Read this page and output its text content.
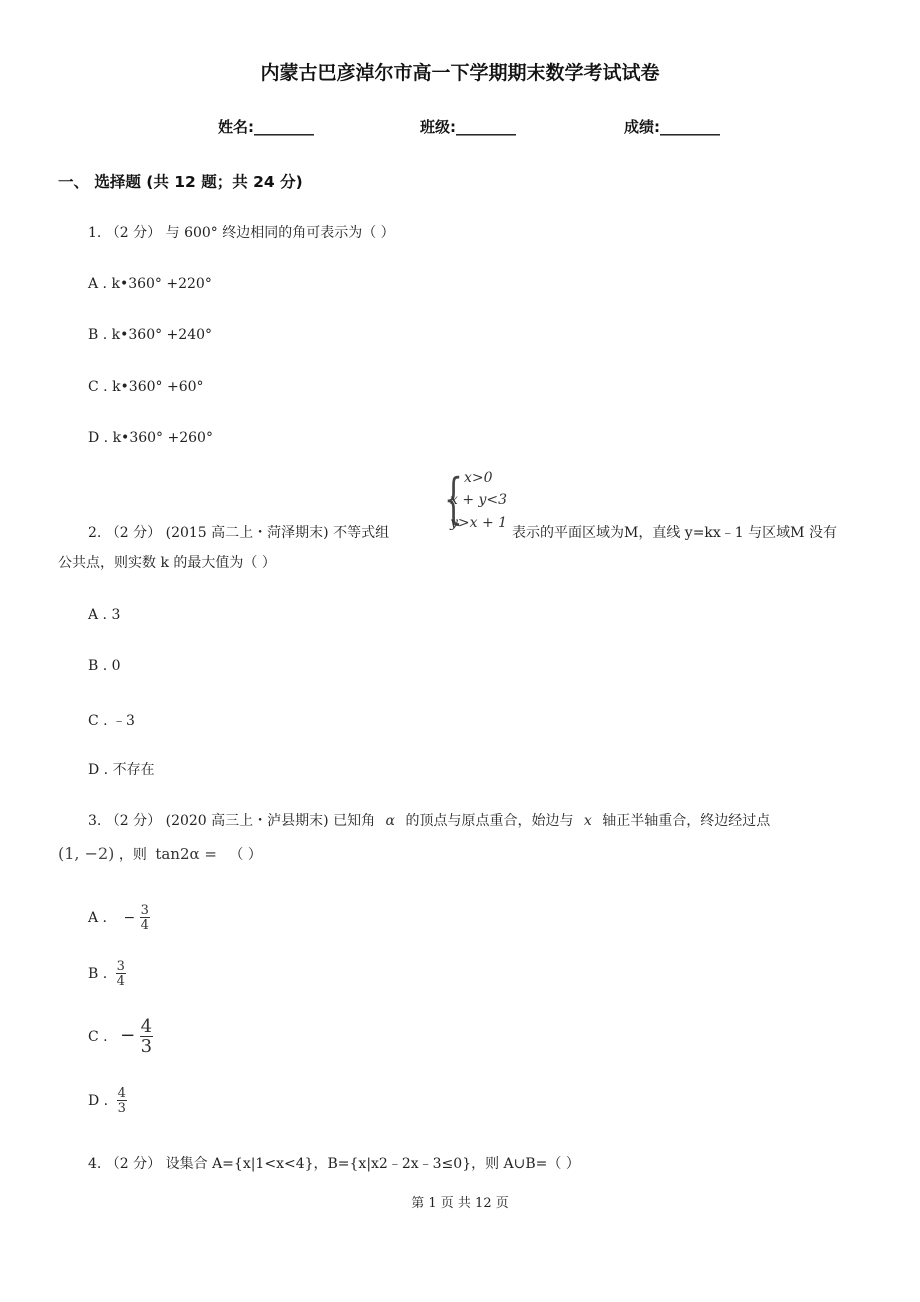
内蒙古巴彦淖尔市高一下学期期末数学考试试卷
姓名:________	班级:________	成绩:________
一、 选择题 (共 12 题；共 24 分)
1. （2 分） 与 600° 终边相同的角可表示为（ ）
A . k•360° +220°
B . k•360° +240°
C . k•360° +60°
D . k•360° +260°
2. （2 分） (2015 高二上・菏泽期末) 不等式组
{ x>0
x + y<3
y>x + 1
表示的平面区域为M，直线 y=kx﹣1 与区域M 没有
公共点，则实数 k 的最大值为（ ）
A . 3
B . 0
C . ﹣3
D . 不存在
3. （2 分） (2020 高三上・泸县期末) 已知角 α 的顶点与原点重合，始边与 x 轴正半轴重合，终边经过点
(1, −2) ，则 tan2α = （ ）
A . − $\frac{3}{4}$
B . $\frac{3}{4}$
C . − $\frac{4}{3}$
D . $\frac{4}{3}$
4. （2 分） 设集合 A={x|1<x<4}，B={x|x2﹣2x﹣3≤0}，则 A∪B=（ ）
第 1 页 共 12 页
